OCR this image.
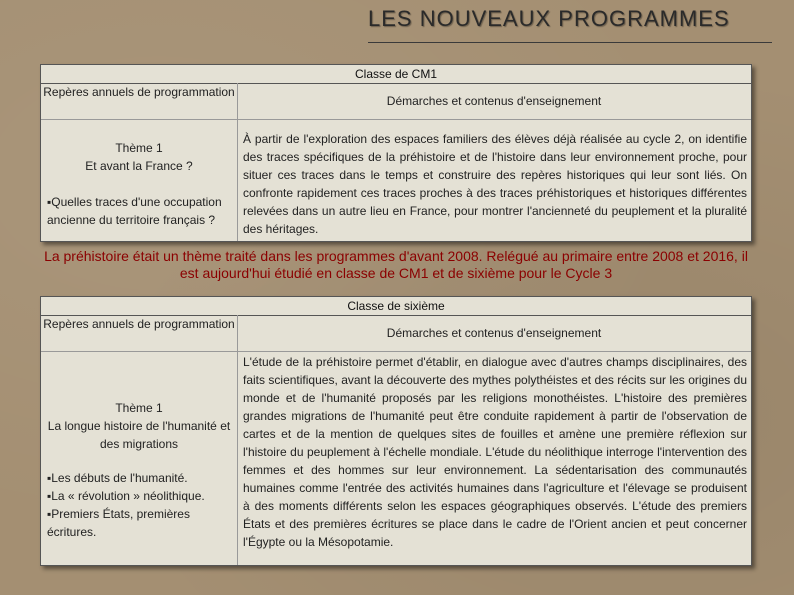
LES NOUVEAUX PROGRAMMES
Classe de CM1
Repères annuels de programmation
Thème 1
Et avant la France ?
▪Quelles traces d'une occupation ancienne du territoire français ?
Démarches et contenus d'enseignement
À partir de l'exploration des espaces familiers des élèves déjà réalisée au cycle 2, on identifie des traces spécifiques de la préhistoire et de l'histoire dans leur environnement proche, pour situer ces traces dans le temps et construire des repères historiques qui leur sont liés. On confronte rapidement ces traces proches à des traces préhistoriques et historiques différentes relevées dans un autre lieu en France, pour montrer l'ancienneté du peuplement et la pluralité des héritages.
La préhistoire était un thème traité dans les programmes d'avant 2008. Relégué au primaire entre 2008 et 2016, il est aujourd'hui étudié en classe de CM1 et de sixième pour le Cycle 3
Classe de sixième
Repères annuels de programmation
Thème 1
La longue histoire de l'humanité et des migrations
▪Les débuts de l'humanité.
▪La « révolution » néolithique.
▪Premiers États, premières écritures.
Démarches et contenus d'enseignement
L'étude de la préhistoire permet d'établir, en dialogue avec d'autres champs disciplinaires, des faits scientifiques, avant la découverte des mythes polythéistes et des récits sur les origines du monde et de l'humanité proposés par les religions monothéistes. L'histoire des premières grandes migrations de l'humanité peut être conduite rapidement à partir de l'observation de cartes et de la mention de quelques sites de fouilles et amène une première réflexion sur l'histoire du peuplement à l'échelle mondiale. L'étude du néolithique interroge l'intervention des femmes et des hommes sur leur environnement. La sédentarisation des communautés humaines comme l'entrée des activités humaines dans l'agriculture et l'élevage se produisent à des moments différents selon les espaces géographiques observés. L'étude des premiers États et des premières écritures se place dans le cadre de l'Orient ancien et peut concerner l'Égypte ou la Mésopotamie.
